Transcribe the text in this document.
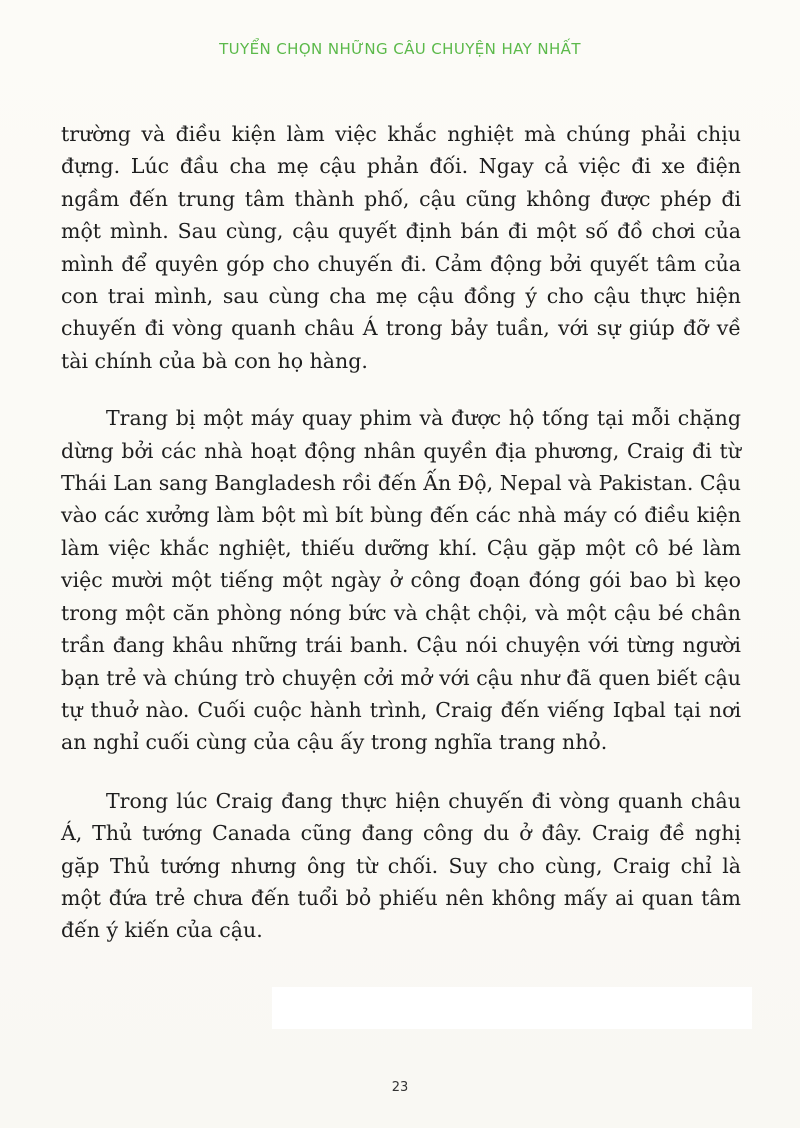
TUYỂN CHỌN NHỮNG CÂU CHUYỆN HAY NHẤT

trường và điều kiện làm việc khắc nghiệt mà chúng phải chịu đựng. Lúc đầu cha mẹ cậu phản đối. Ngay cả việc đi xe điện ngầm đến trung tâm thành phố, cậu cũng không được phép đi một mình. Sau cùng, cậu quyết định bán đi một số đồ chơi của mình để quyên góp cho chuyến đi. Cảm động bởi quyết tâm của con trai mình, sau cùng cha mẹ cậu đồng ý cho cậu thực hiện chuyến đi vòng quanh châu Á trong bảy tuần, với sự giúp đỡ về tài chính của bà con họ hàng.

Trang bị một máy quay phim và được hộ tống tại mỗi chặng dừng bởi các nhà hoạt động nhân quyền địa phương, Craig đi từ Thái Lan sang Bangladesh rồi đến Ấn Độ, Nepal và Pakistan. Cậu vào các xưởng làm bột mì bít bùng đến các nhà máy có điều kiện làm việc khắc nghiệt, thiếu dưỡng khí. Cậu gặp một cô bé làm việc mười một tiếng một ngày ở công đoạn đóng gói bao bì kẹo trong một căn phòng nóng bức và chật chội, và một cậu bé chân trần đang khâu những trái banh. Cậu nói chuyện với từng người bạn trẻ và chúng trò chuyện cởi mở với cậu như đã quen biết cậu tự thuở nào. Cuối cuộc hành trình, Craig đến viếng Iqbal tại nơi an nghỉ cuối cùng của cậu ấy trong nghĩa trang nhỏ.

Trong lúc Craig đang thực hiện chuyến đi vòng quanh châu Á, Thủ tướng Canada cũng đang công du ở đây. Craig đề nghị gặp Thủ tướng nhưng ông từ chối. Suy cho cùng, Craig chỉ là một đứa trẻ chưa đến tuổi bỏ phiếu nên không mấy ai quan tâm đến ý kiến của cậu.

23
